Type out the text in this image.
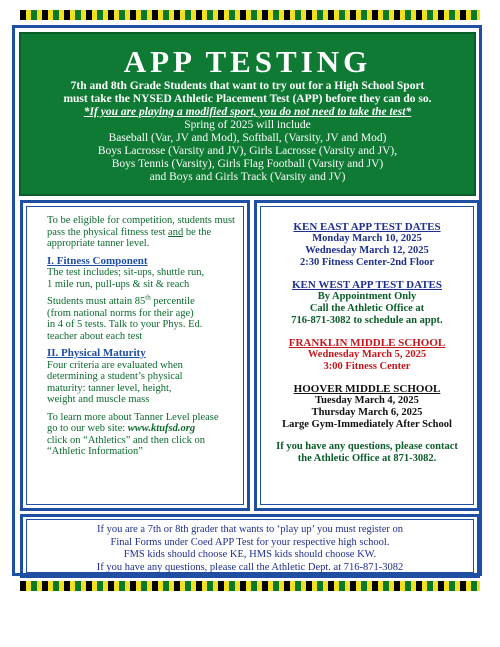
APP TESTING
7th and 8th Grade Students that want to try out for a High School Sport
must take the NYSED Athletic Placement Test (APP) before they can do so.
*If you are playing a modified sport, you do not need to take the test*
Spring of 2025 will include
Baseball (Var, JV and Mod), Softball, (Varsity, JV and Mod)
Boys Lacrosse (Varsity and JV), Girls Lacrosse (Varsity and JV),
Boys Tennis (Varsity), Girls Flag Football (Varsity and JV)
and Boys and Girls Track (Varsity and JV)

To be eligible for competition, students must pass the physical fitness test and be the appropriate tanner level.

I. Fitness Component

The test includes; sit-ups, shuttle run,
1 mile run, pull-ups & sit & reach

Students must attain 85th percentile
(from national norms for their age)
in 4 of 5 tests. Talk to your Phys. Ed.
teacher about each test

II. Physical Maturity

Four criteria are evaluated when
determining a student’s physical
maturity: tanner level, height,
weight and muscle mass

To learn more about Tanner Level please
go to our web site: www.ktufsd.org
click on “Athletics” and then click on
“Athletic Information”

KEN EAST APP TEST DATES
Monday March 10, 2025
Wednesday March 12, 2025
2:30 Fitness Center-2nd Floor
KEN WEST APP TEST DATES
By Appointment Only
Call the Athletic Office at
716-871-3082 to schedule an appt.
FRANKLIN MIDDLE SCHOOL
Wednesday March 5, 2025
3:00 Fitness Center
HOOVER MIDDLE SCHOOL
Tuesday March 4, 2025
Thursday March 6, 2025
Large Gym-Immediately After School
If you have any questions, please contact the Athletic Office at 871-3082.
If you are a 7th or 8th grader that wants to ‘play up’ you must register on
Final Forms under Coed APP Test for your respective high school.
FMS kids should choose KE, HMS kids should choose KW.
If you have any questions, please call the Athletic Dept. at 716-871-3082
